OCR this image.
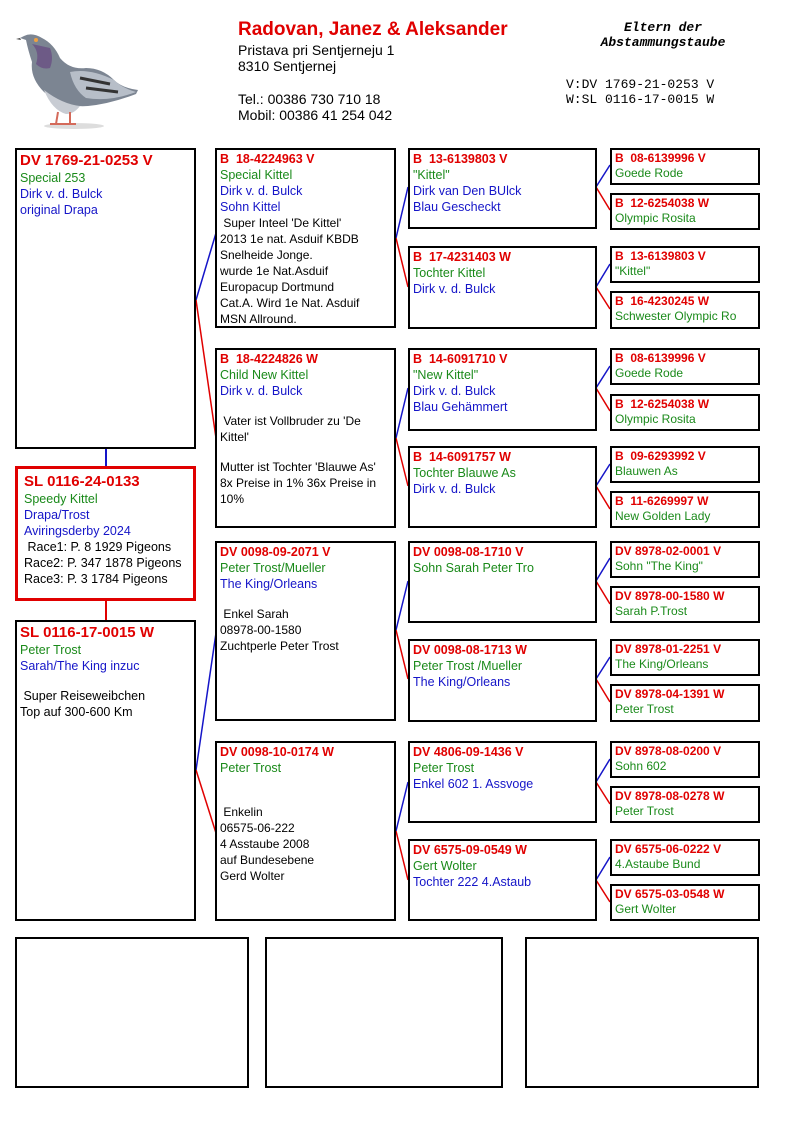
Radovan, Janez & Aleksander
Pristava pri Sentjerneju 1
8310 Sentjernej
Tel.: 00386 730 710 18
Mobil: 00386 41 254 042
Eltern der
Abstammungstaube
V:DV 1769-21-0253 V
W:SL 0116-17-0015 W
DV 1769-21-0253 V
Special 253
Dirk v. d. Bulck
original Drapa
SL 0116-24-0133
Speedy Kittel
Drapa/Trost
Aviringsderby 2024
Race1: P. 8 1929 Pigeons
Race2: P. 347 1878 Pigeons
Race3: P. 3 1784 Pigeons
SL 0116-17-0015 W
Peter Trost
Sarah/The King inzuc
Super Reiseweibchen
Top auf 300-600 Km
B  18-4224963 V
Special Kittel
Dirk v. d. Bulck
Sohn Kittel
Super Inteel 'De Kittel'
2013 1e nat. Asduif KBDB
Snelheide Jonge.
wurde 1e Nat.Asduif
Europacup Dortmund
Cat.A. Wird 1e Nat. Asduif
MSN Allround.
B  18-4224826 W
Child New Kittel
Dirk v. d. Bulck
Vater ist Vollbruder zu 'De
Kittel'
Mutter ist Tochter 'Blauwe As'
8x Preise in 1% 36x Preise in
10%
DV 0098-09-2071 V
Peter Trost/Mueller
The King/Orleans
Enkel Sarah
08978-00-1580
Zuchtperle Peter Trost
DV 0098-10-0174 W
Peter Trost
Enkelin
06575-06-222
4 Asstaube 2008
auf Bundesebene
Gerd Wolter
B  13-6139803 V
"Kittel"
Dirk van Den BUlck
Blau Gescheckt
B  17-4231403 W
Tochter Kittel
Dirk v. d. Bulck
B  14-6091710 V
"New Kittel"
Dirk v. d. Bulck
Blau Gehämmert
B  14-6091757 W
Tochter Blauwe As
Dirk v. d. Bulck
DV 0098-08-1710 V
Sohn Sarah Peter Tro
DV 0098-08-1713 W
Peter Trost /Mueller
The King/Orleans
DV 4806-09-1436 V
Peter Trost
Enkel 602 1. Assvoge
DV 6575-09-0549 W
Gert Wolter
Tochter 222 4.Astaub
B  08-6139996 V
Goede Rode
B  12-6254038 W
Olympic Rosita
B  13-6139803 V
"Kittel"
B  16-4230245 W
Schwester Olympic Ro
B  08-6139996 V
Goede Rode
B  12-6254038 W
Olympic Rosita
B  09-6293992 V
Blauwen As
B  11-6269997 W
New Golden Lady
DV 8978-02-0001 V
Sohn "The King"
DV 8978-00-1580 W
Sarah P.Trost
DV 8978-01-2251 V
The King/Orleans
DV 8978-04-1391 W
Peter Trost
DV 8978-08-0200 V
Sohn 602
DV 8978-08-0278 W
Peter Trost
DV 6575-06-0222 V
4.Astaube Bund
DV 6575-03-0548 W
Gert Wolter
